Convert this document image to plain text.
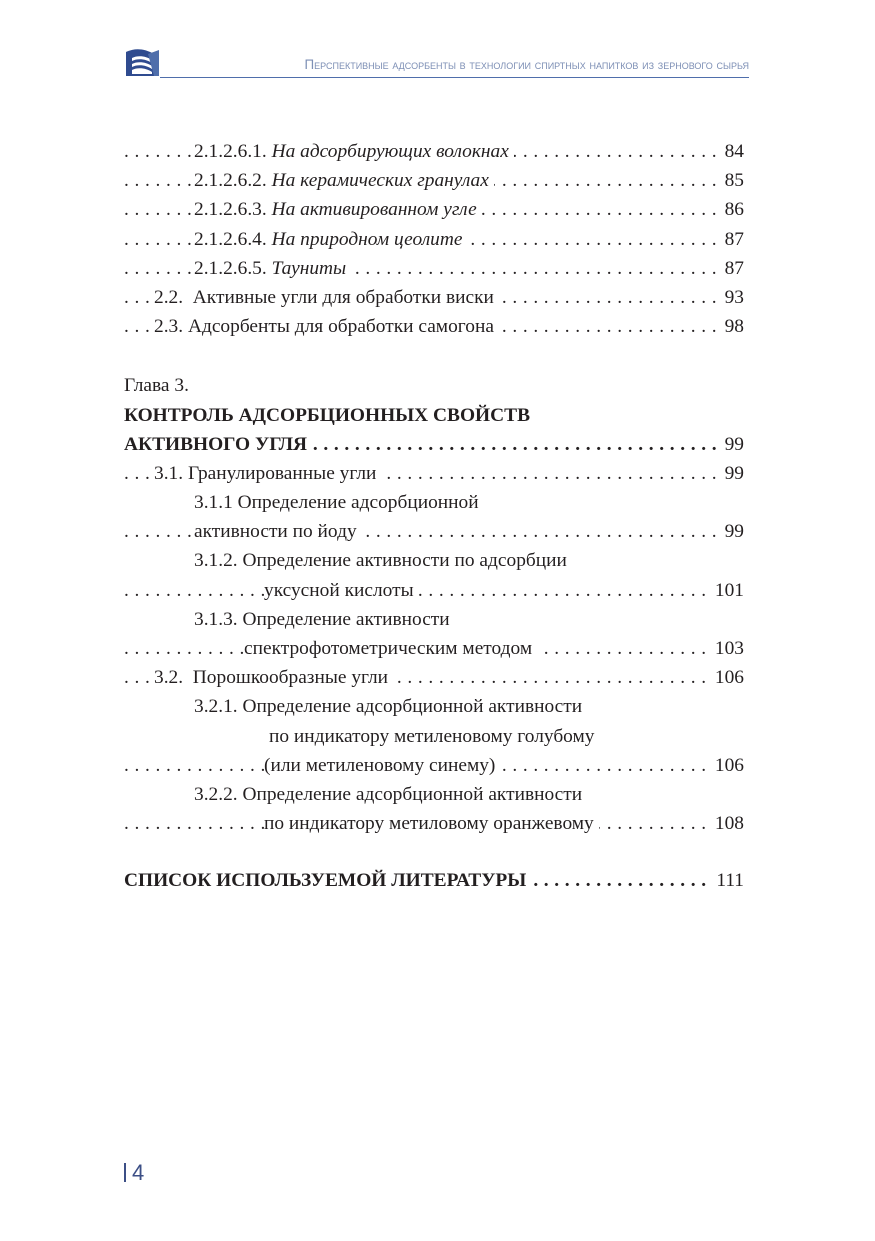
Перспективные адсорбенты в технологии спиртных напитков из зернового сырья
2.1.2.6.1. На адсорбирующих волокнах	84
. . .
2.1.2.6.2. На керамических гранулах	85
. . .
2.1.2.6.3. На активированном угле	86
. . .
2.1.2.6.4. На природном цеолите	87
. . .
2.1.2.6.5. Тауниты	87
. . .
2.2. Активные угли для обработки виски	93
. . .
2.3. Адсорбенты для обработки самогона	98
. . .
Глава 3.
КОНТРОЛЬ АДСОРБЦИОННЫХ СВОЙСТВ
АКТИВНОГО УГЛЯ	99
. . .
3.1. Гранулированные угли	99
. . .
3.1.1 Определение адсорбционной
активности по йоду	99
. . .
3.1.2. Определение активности по адсорбции
уксусной кислоты	101
. . .
3.1.3. Определение активности
спектрофотометрическим методом	103
. . .
3.2. Порошкообразные угли	106
. . .
3.2.1. Определение адсорбционной активности
по индикатору метиленовому голубому
(или метиленовому синему)	106
. . .
3.2.2. Определение адсорбционной активности
по индикатору метиловому оранжевому	108
. . .
СПИСОК ИСПОЛЬЗУЕМОЙ ЛИТЕРАТУРЫ	111
. . .
4
